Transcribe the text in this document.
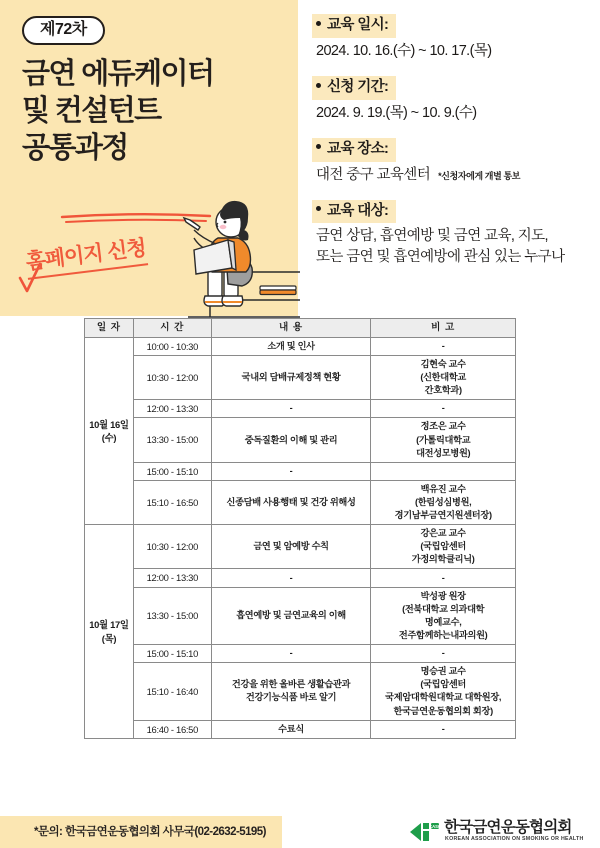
제72차
금연 에듀케이터
및 컨설턴트
공통과정
홈페이지 신청
교육 일시:
2024. 10. 16.(수) ~ 10. 17.(목)
신청 기간:
2024. 9. 19.(목) ~ 10. 9.(수)
교육 장소:
대전 중구 교육센터 *신청자에게 개별 통보
교육 대상:
금연 상담, 흡연예방 및 금연 교육, 지도,
또는 금연 및 흡연예방에 관심 있는 누구나
일 자	시 간	내 용	비 고
10월 16일
(수)	10:00 - 10:30	소개 및 인사	-
	10:30 - 12:00	국내외 담배규제정책 현황	김현숙 교수
(신한대학교
간호학과)
	12:00 - 13:30	-	-
	13:30 - 15:00	중독질환의 이해 및 관리	정조은 교수
(가톨릭대학교
대전성모병원)
	15:00 - 15:10	-	
	15:10 - 16:50	신종담배 사용행태 및 건강 위해성	백유진 교수
(한림성심병원,
경기남부금연지원센터장)
10월 17일
(목)	10:30 - 12:00	금연 및 암예방 수칙	강은교 교수
(국립암센터
가정의학클리닉)
	12:00 - 13:30	-	-
	13:30 - 15:00	흡연예방 및 금연교육의 이해	박성광 원장
(전북대학교 의과대학
명예교수,
전주함께하는내과의원)
	15:00 - 15:10	-	-
	15:10 - 16:40	건강을 위한 올바른 생활습관과
건강기능식품 바로 알기	명승권 교수
(국립암센터
국제암대학원대학교 대학원장,
한국금연운동협의회 회장)
	16:40 - 16:50	수료식	-
*문의: 한국금연운동협의회 사무국(02-2632-5195)	KASH 한국금연운동협의회
KOREAN ASSOCIATION ON SMOKING OR HEALTH
